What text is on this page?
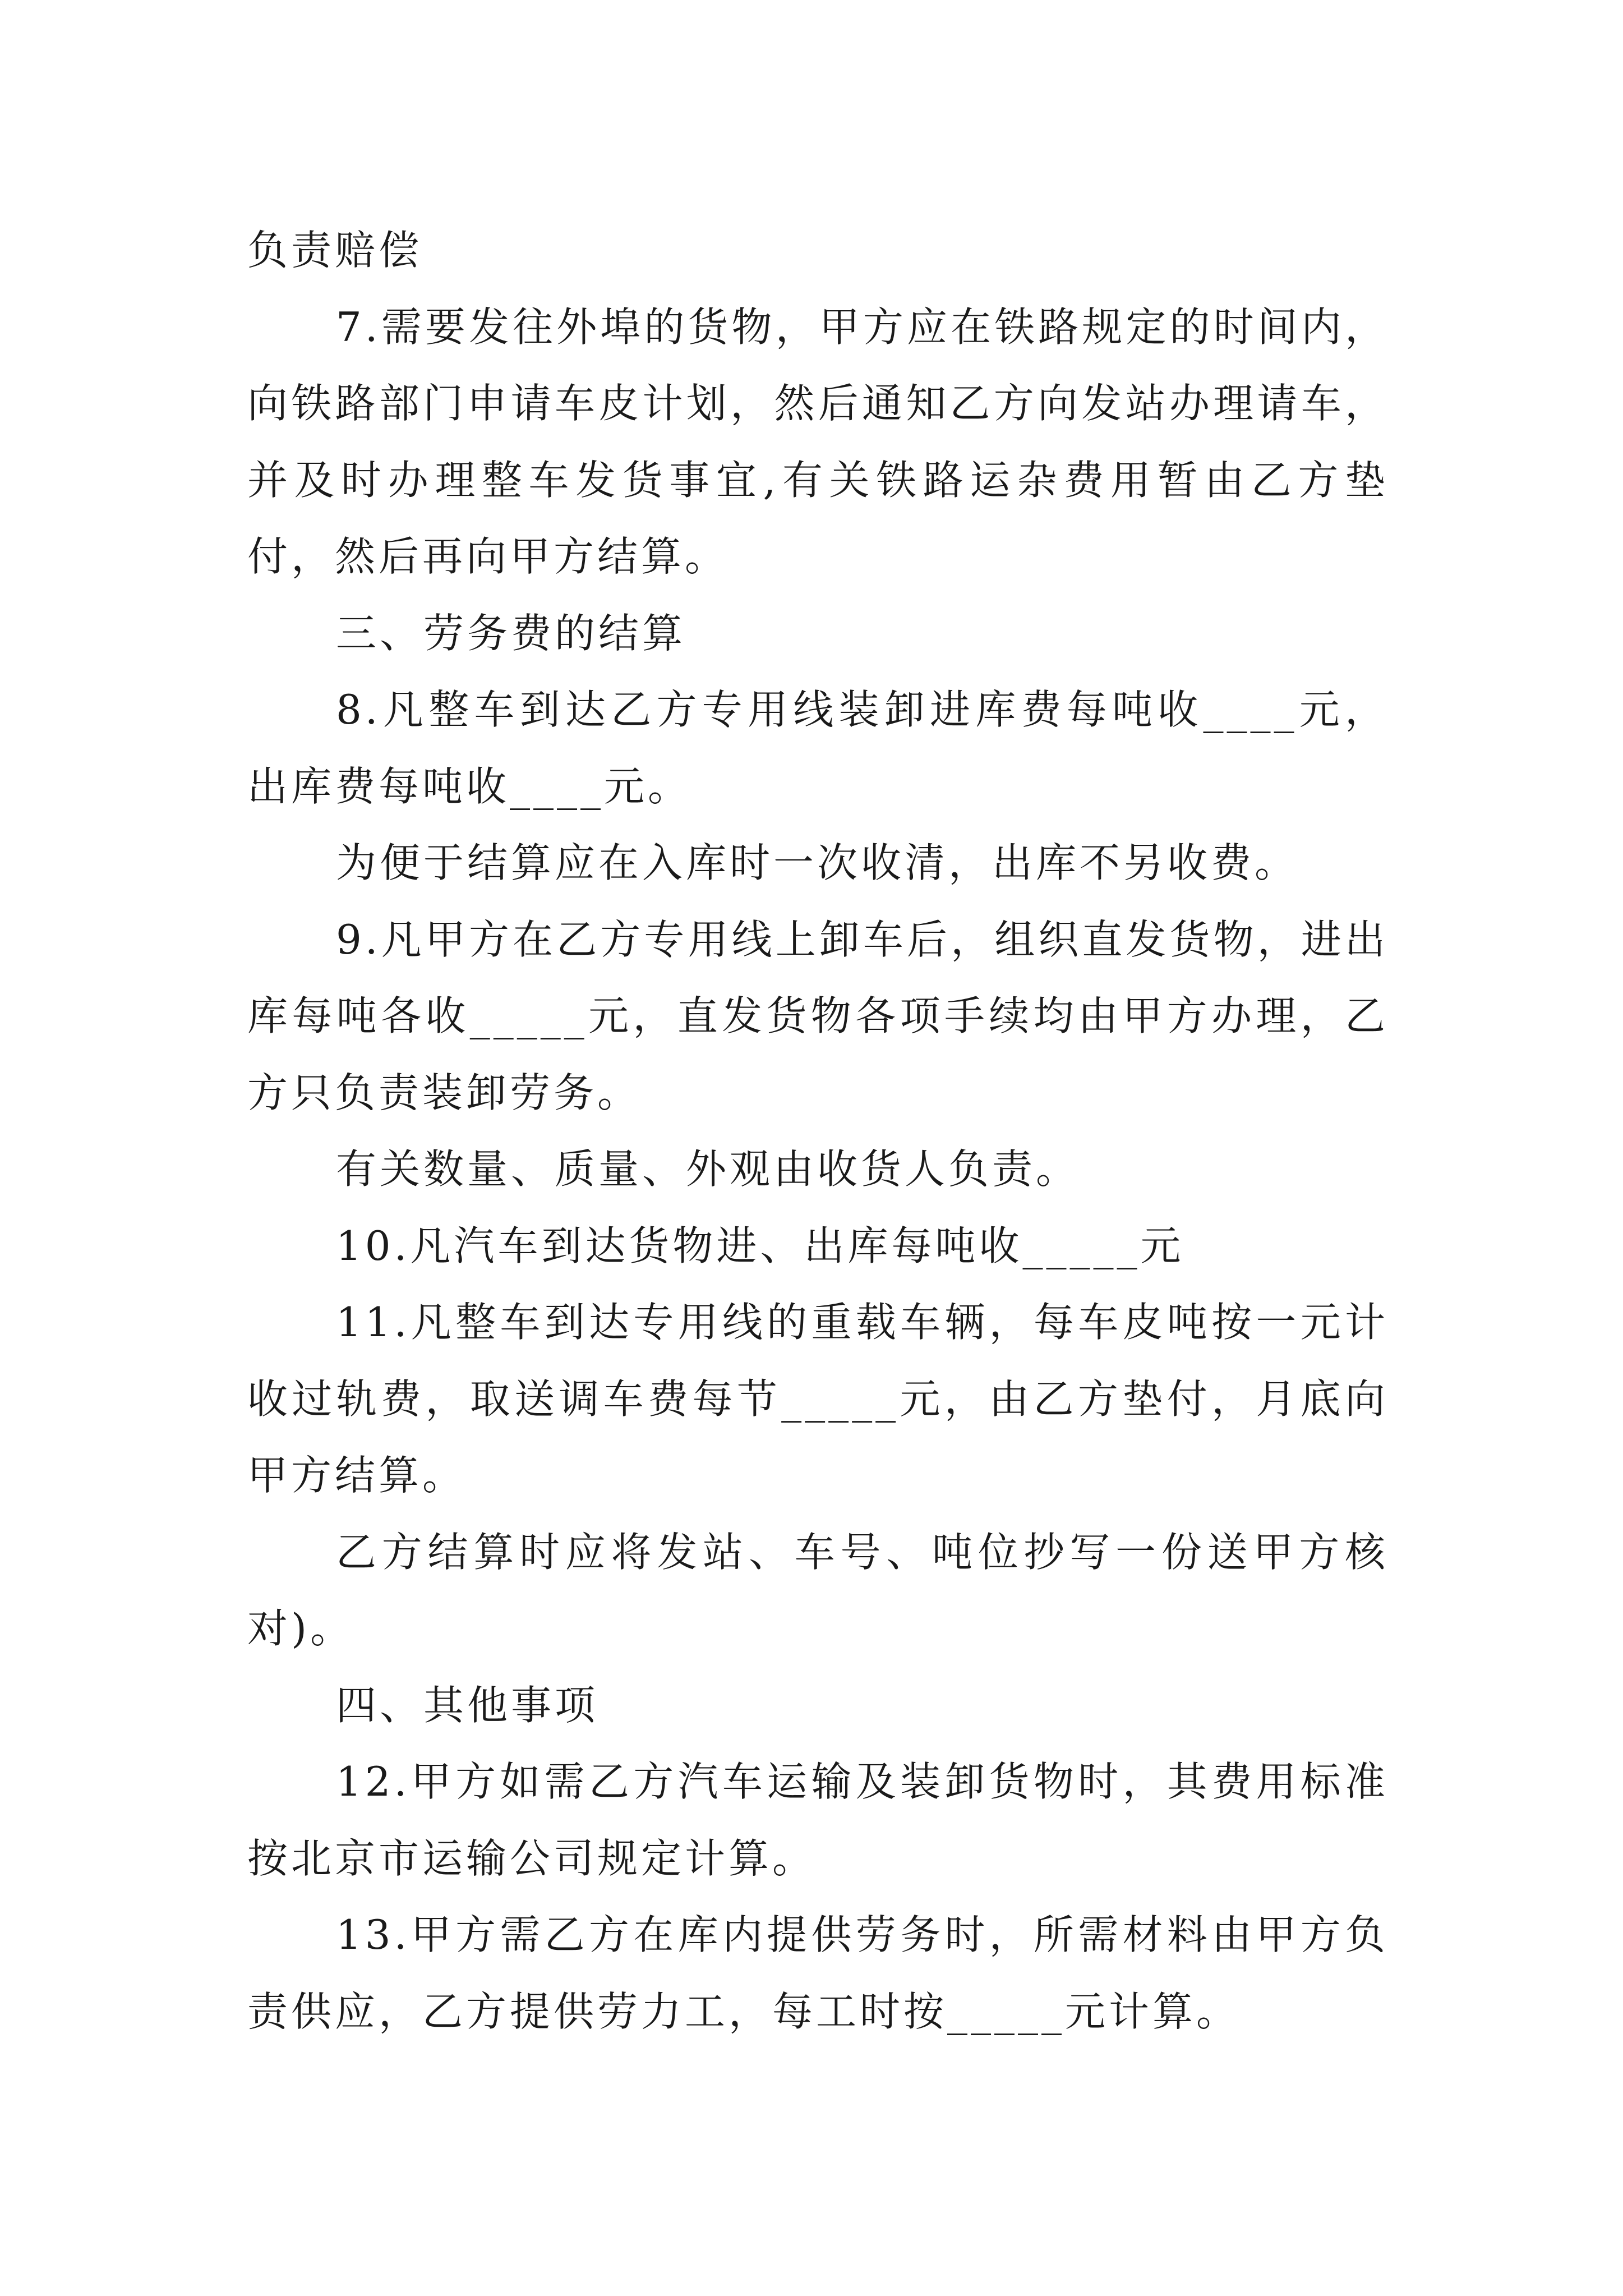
负责赔偿

7.需要发往外埠的货物，甲方应在铁路规定的时间内，向铁路部门申请车皮计划，然后通知乙方向发站办理请车，并及时办理整车发货事宜,有关铁路运杂费用暂由乙方垫付，然后再向甲方结算。

三、劳务费的结算

8.凡整车到达乙方专用线装卸进库费每吨收____元，出库费每吨收____元。

为便于结算应在入库时一次收清，出库不另收费。

9.凡甲方在乙方专用线上卸车后，组织直发货物，进出库每吨各收_____元，直发货物各项手续均由甲方办理，乙方只负责装卸劳务。

有关数量、质量、外观由收货人负责。

10.凡汽车到达货物进、出库每吨收_____元

11.凡整车到达专用线的重载车辆，每车皮吨按一元计收过轨费，取送调车费每节_____元，由乙方垫付，月底向甲方结算。

乙方结算时应将发站、车号、吨位抄写一份送甲方核对)。

四、其他事项

12.甲方如需乙方汽车运输及装卸货物时，其费用标准按北京市运输公司规定计算。

13.甲方需乙方在库内提供劳务时，所需材料由甲方负责供应，乙方提供劳力工，每工时按_____元计算。
